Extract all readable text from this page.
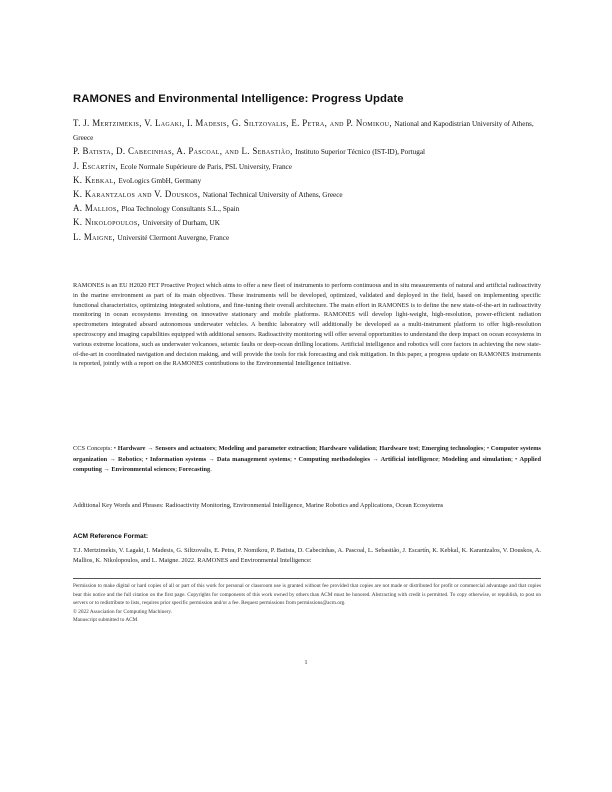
RAMONES and Environmental Intelligence: Progress Update
T. J. Mertzimekis, V. Lagaki, I. Madesis, G. Siltzovalis, E. Petra, and P. Nomikou, National and Kapodistrian University of Athens, Greece
P. Batista, D. Cabecinhas, A. Pascoal, and L. Sebastião, Instituto Superior Técnico (IST-ID), Portugal
J. Escartín, Ecole Normale Supérieure de Paris, PSL University, France
K. Kebkal, EvoLogics GmbH, Germany
K. Karantzalos and V. Douskos, National Technical University of Athens, Greece
A. Mallios, Ploa Technology Consultants S.L., Spain
K. Nikolopoulos, University of Durham, UK
L. Maigne, Université Clermont Auvergne, France
RAMONES is an EU H2020 FET Proactive Project which aims to offer a new fleet of instruments to perform continuous and in situ measurements of natural and artificial radioactivity in the marine environment as part of its main objectives. These instruments will be developed, optimized, validated and deployed in the field, based on implementing specific functional characteristics, optimizing integrated solutions, and fine-tuning their overall architecture. The main effort in RAMONES is to define the new state-of-the-art in radioactivity monitoring in ocean ecosystems investing on innovative stationary and mobile platforms. RAMONES will develop light-weight, high-resolution, power-efficient radiation spectrometers integrated aboard autonomous underwater vehicles. A benthic laboratory will additionally be developed as a multi-instrument platform to offer high-resolution spectroscopy and imaging capabilities equipped with additional sensors. Radioactivity monitoring will offer several opportunities to understand the deep impact on ocean ecosystems in various extreme locations, such as underwater volcanoes, seismic faults or deep-ocean drilling locations. Artificial intelligence and robotics will core factors in achieving the new state-of-the-art in coordinated navigation and decision making, and will provide the tools for risk forecasting and risk mitigation. In this paper, a progress update on RAMONES instruments is reported, jointly with a report on the RAMONES contributions to the Environmental Intelligence initiative.
CCS Concepts: • Hardware → Sensors and actuators; Modeling and parameter extraction; Hardware validation; Hardware test; Emerging technologies; • Computer systems organization → Robotics; • Information systems → Data management systems; • Computing methodologies → Artificial intelligence; Modeling and simulation; • Applied computing → Environmental sciences; Forecasting.
Additional Key Words and Phrases: Radioactivity Monitoring, Environmental Intelligence, Marine Robotics and Applications, Ocean Ecosystems
ACM Reference Format:
T.J. Mertzimekis, V. Lagaki, I. Madesis, G. Siltzovalis, E. Petra, P. Nomikou, P. Batista, D. Cabecinhas, A. Pascoal, L. Sebastião, J. Escartín, K. Kebkal, K. Karantzalos, V. Douskos, A. Mallios, K. Nikolopoulos, and L. Maigne. 2022. RAMONES and Environmental Intelligence:
Permission to make digital or hard copies of all or part of this work for personal or classroom use is granted without fee provided that copies are not made or distributed for profit or commercial advantage and that copies bear this notice and the full citation on the first page. Copyrights for components of this work owned by others than ACM must be honored. Abstracting with credit is permitted. To copy otherwise, or republish, to post on servers or to redistribute to lists, requires prior specific permission and/or a fee. Request permissions from permissions@acm.org.
© 2022 Association for Computing Machinery.
Manuscript submitted to ACM
1
